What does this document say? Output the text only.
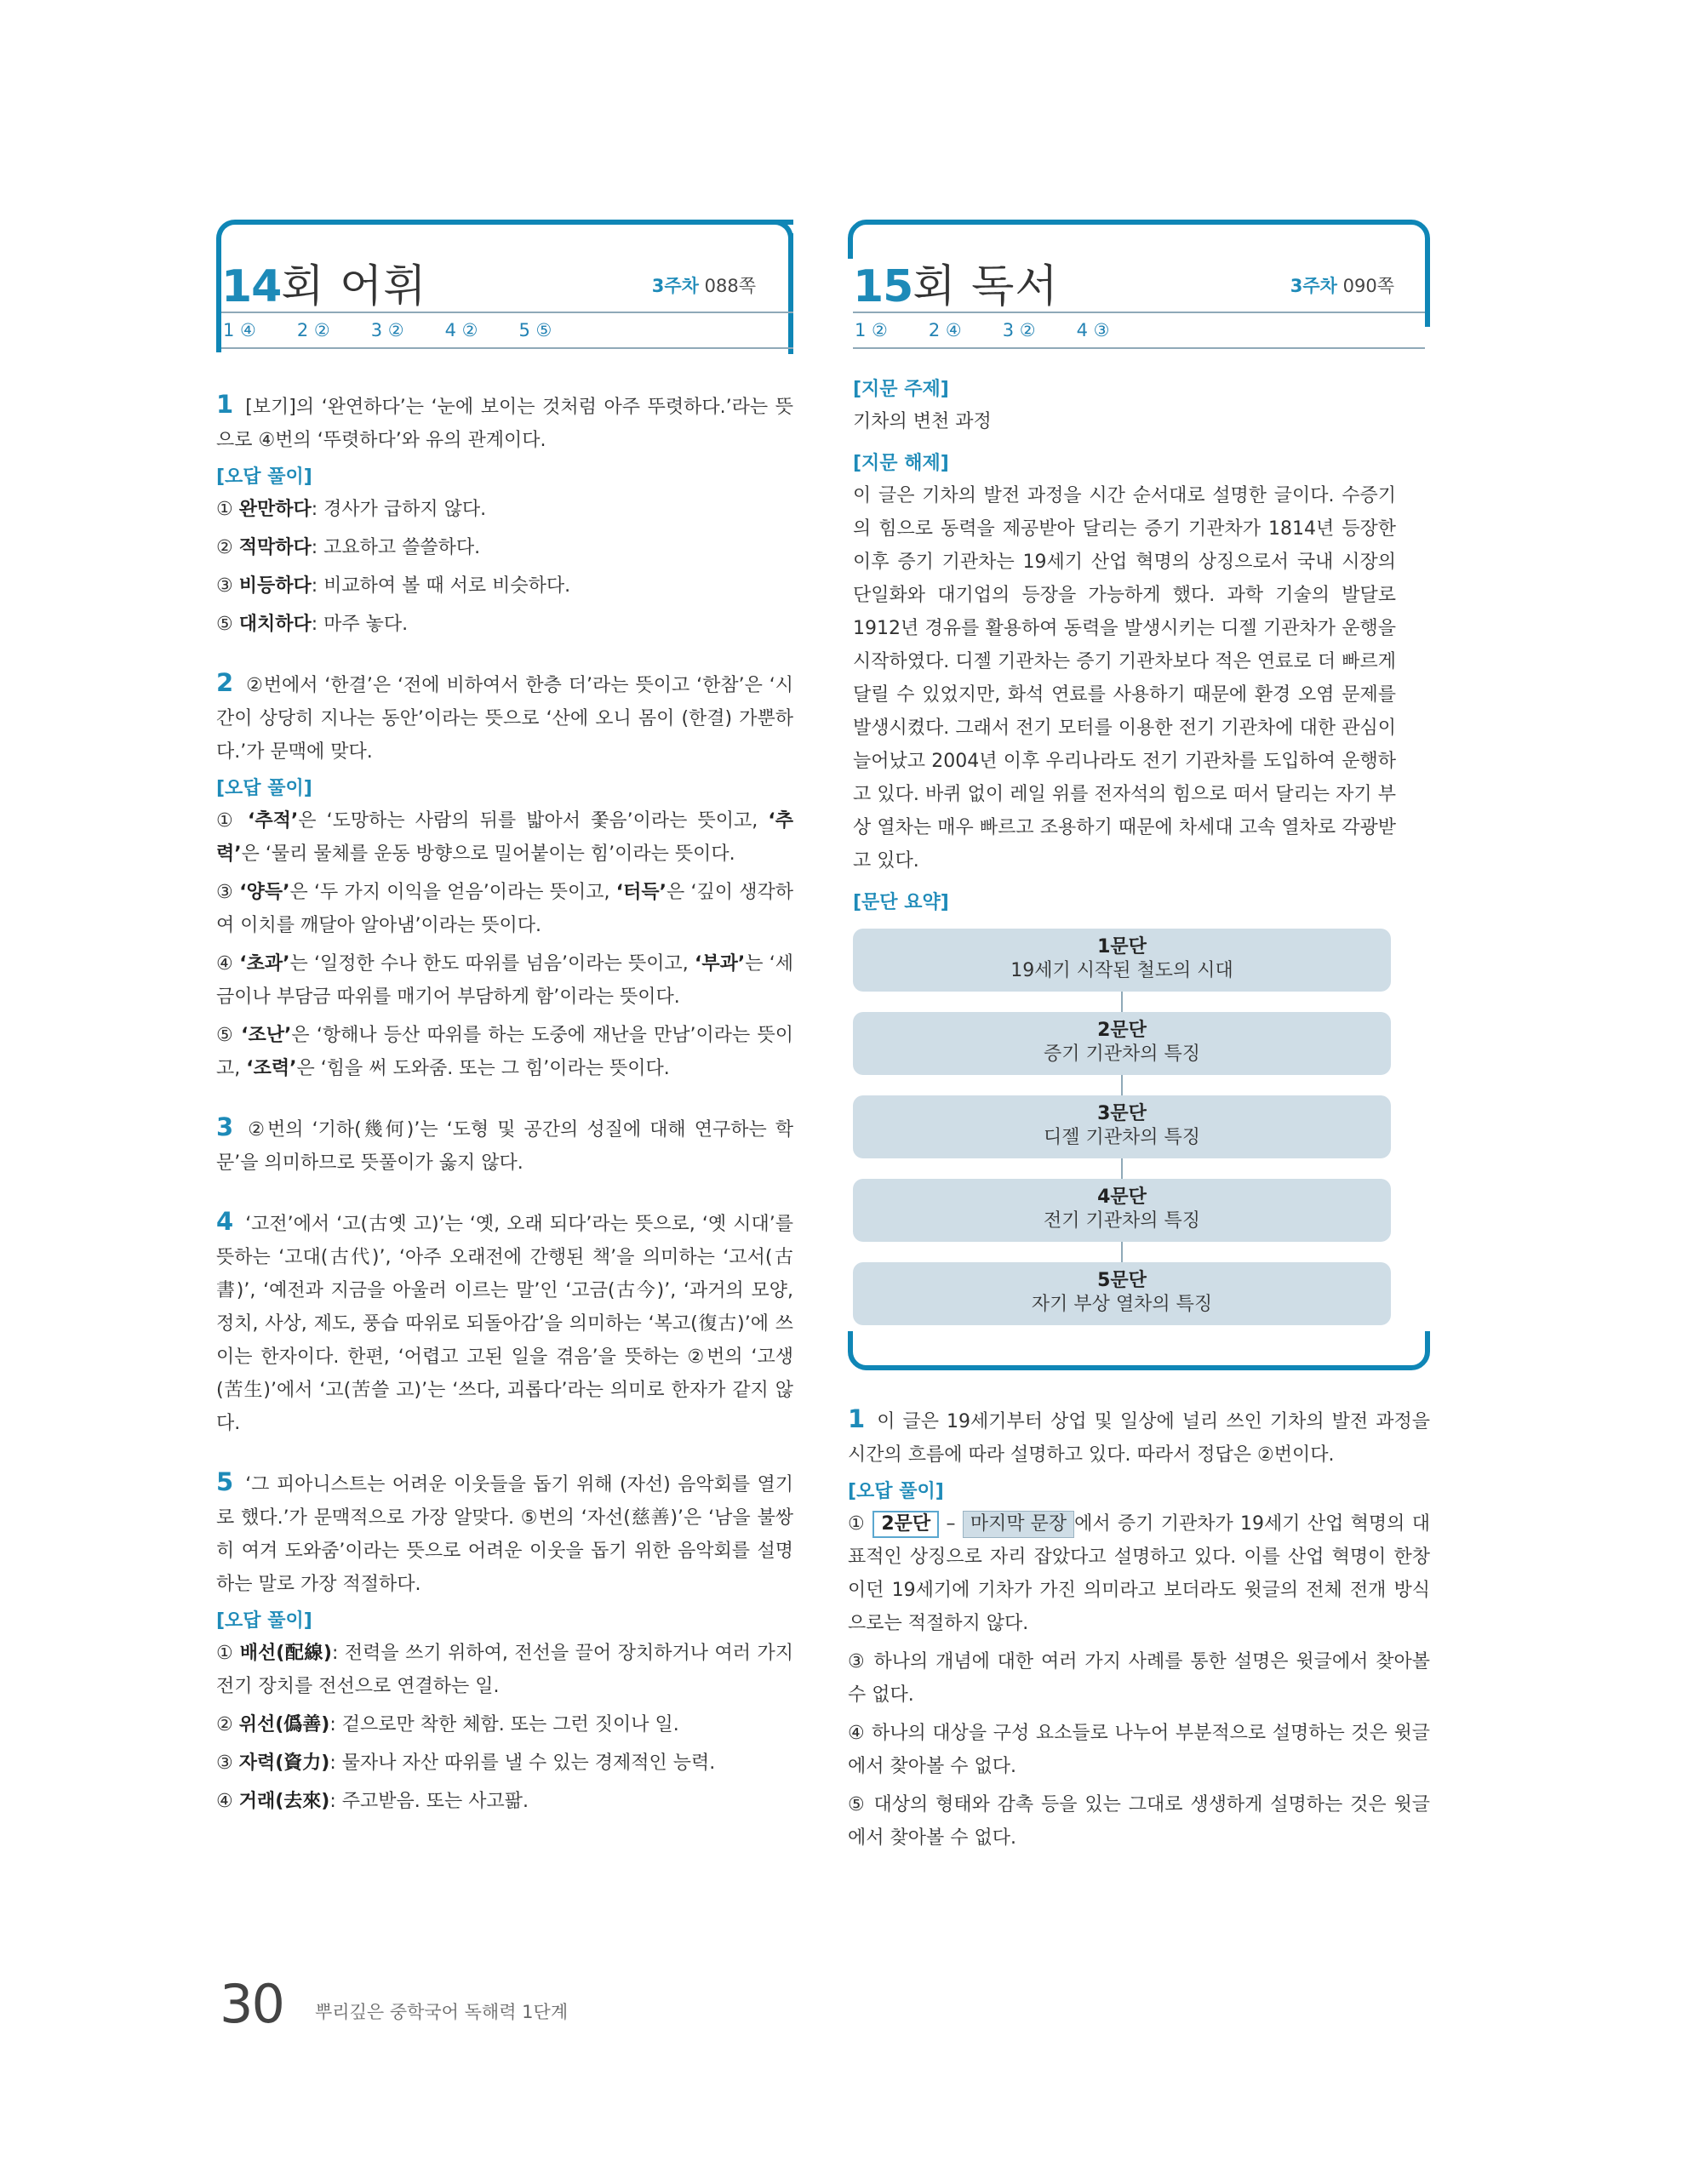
14회 어휘	3주차 088쪽
1 ④ 2 ② 3 ② 4 ② 5 ⑤

1 [보기]의 ‘완연하다’는 ‘눈에 보이는 것처럼 아주 뚜렷하다.’라는 뜻으로 ④번의 ‘뚜렷하다’와 유의 관계이다.

[오답 풀이]

① 완만하다: 경사가 급하지 않다.

② 적막하다: 고요하고 쓸쓸하다.

③ 비등하다: 비교하여 볼 때 서로 비슷하다.

⑤ 대치하다: 마주 놓다.

2 ②번에서 ‘한결’은 ‘전에 비하여서 한층 더’라는 뜻이고 ‘한참’은 ‘시간이 상당히 지나는 동안’이라는 뜻으로 ‘산에 오니 몸이 (한결) 가뿐하다.’가 문맥에 맞다.

[오답 풀이]

① ‘추적’은 ‘도망하는 사람의 뒤를 밟아서 쫓음’이라는 뜻이고, ‘추력’은 ‘물리 물체를 운동 방향으로 밀어붙이는 힘’이라는 뜻이다.

③ ‘양득’은 ‘두 가지 이익을 얻음’이라는 뜻이고, ‘터득’은 ‘깊이 생각하여 이치를 깨달아 알아냄’이라는 뜻이다.

④ ‘초과’는 ‘일정한 수나 한도 따위를 넘음’이라는 뜻이고, ‘부과’는 ‘세금이나 부담금 따위를 매기어 부담하게 함’이라는 뜻이다.

⑤ ‘조난’은 ‘항해나 등산 따위를 하는 도중에 재난을 만남’이라는 뜻이고, ‘조력’은 ‘힘을 써 도와줌. 또는 그 힘’이라는 뜻이다.

3 ②번의 ‘기하(幾何)’는 ‘도형 및 공간의 성질에 대해 연구하는 학문’을 의미하므로 뜻풀이가 옳지 않다.

4 ‘고전’에서 ‘고(古옛 고)’는 ‘옛, 오래 되다’라는 뜻으로, ‘옛 시대’를 뜻하는 ‘고대(古代)’, ‘아주 오래전에 간행된 책’을 의미하는 ‘고서(古書)’, ‘예전과 지금을 아울러 이르는 말’인 ‘고금(古今)’, ‘과거의 모양, 정치, 사상, 제도, 풍습 따위로 되돌아감’을 의미하는 ‘복고(復古)’에 쓰이는 한자이다. 한편, ‘어렵고 고된 일을 겪음’을 뜻하는 ②번의 ‘고생(苦生)’에서 ‘고(苦쓸 고)’는 ‘쓰다, 괴롭다’라는 의미로 한자가 같지 않다.

5 ‘그 피아니스트는 어려운 이웃들을 돕기 위해 (자선) 음악회를 열기로 했다.’가 문맥적으로 가장 알맞다. ⑤번의 ‘자선(慈善)’은 ‘남을 불쌍히 여겨 도와줌’이라는 뜻으로 어려운 이웃을 돕기 위한 음악회를 설명하는 말로 가장 적절하다.

[오답 풀이]

① 배선(配線): 전력을 쓰기 위하여, 전선을 끌어 장치하거나 여러 가지 전기 장치를 전선으로 연결하는 일.

② 위선(僞善): 겉으로만 착한 체함. 또는 그런 짓이나 일.

③ 자력(資力): 물자나 자산 따위를 낼 수 있는 경제적인 능력.

④ 거래(去來): 주고받음. 또는 사고팖.

15회 독서	3주차 090쪽
1 ② 2 ④ 3 ② 4 ③

[지문 주제]

기차의 변천 과정

[지문 해제]

이 글은 기차의 발전 과정을 시간 순서대로 설명한 글이다. 수증기의 힘으로 동력을 제공받아 달리는 증기 기관차가 1814년 등장한 이후 증기 기관차는 19세기 산업 혁명의 상징으로서 국내 시장의 단일화와 대기업의 등장을 가능하게 했다. 과학 기술의 발달로 1912년 경유를 활용하여 동력을 발생시키는 디젤 기관차가 운행을 시작하였다. 디젤 기관차는 증기 기관차보다 적은 연료로 더 빠르게 달릴 수 있었지만, 화석 연료를 사용하기 때문에 환경 오염 문제를 발생시켰다. 그래서 전기 모터를 이용한 전기 기관차에 대한 관심이 늘어났고 2004년 이후 우리나라도 전기 기관차를 도입하여 운행하고 있다. 바퀴 없이 레일 위를 전자석의 힘으로 떠서 달리는 자기 부상 열차는 매우 빠르고 조용하기 때문에 차세대 고속 열차로 각광받고 있다.

[문단 요약]

1문단
19세기 시작된 철도의 시대
2문단
증기 기관차의 특징
3문단
디젤 기관차의 특징
4문단
전기 기관차의 특징
5문단
자기 부상 열차의 특징

1 이 글은 19세기부터 상업 및 일상에 널리 쓰인 기차의 발전 과정을 시간의 흐름에 따라 설명하고 있다. 따라서 정답은 ②번이다.

[오답 풀이]

① 2문단 – 마지막 문장 에서 증기 기관차가 19세기 산업 혁명의 대표적인 상징으로 자리 잡았다고 설명하고 있다. 이를 산업 혁명이 한창이던 19세기에 기차가 가진 의미라고 보더라도 윗글의 전체 전개 방식으로는 적절하지 않다.

③ 하나의 개념에 대한 여러 가지 사례를 통한 설명은 윗글에서 찾아볼 수 없다.

④ 하나의 대상을 구성 요소들로 나누어 부분적으로 설명하는 것은 윗글에서 찾아볼 수 없다.

⑤ 대상의 형태와 감촉 등을 있는 그대로 생생하게 설명하는 것은 윗글에서 찾아볼 수 없다.

30 뿌리깊은 중학국어 독해력 1단계
